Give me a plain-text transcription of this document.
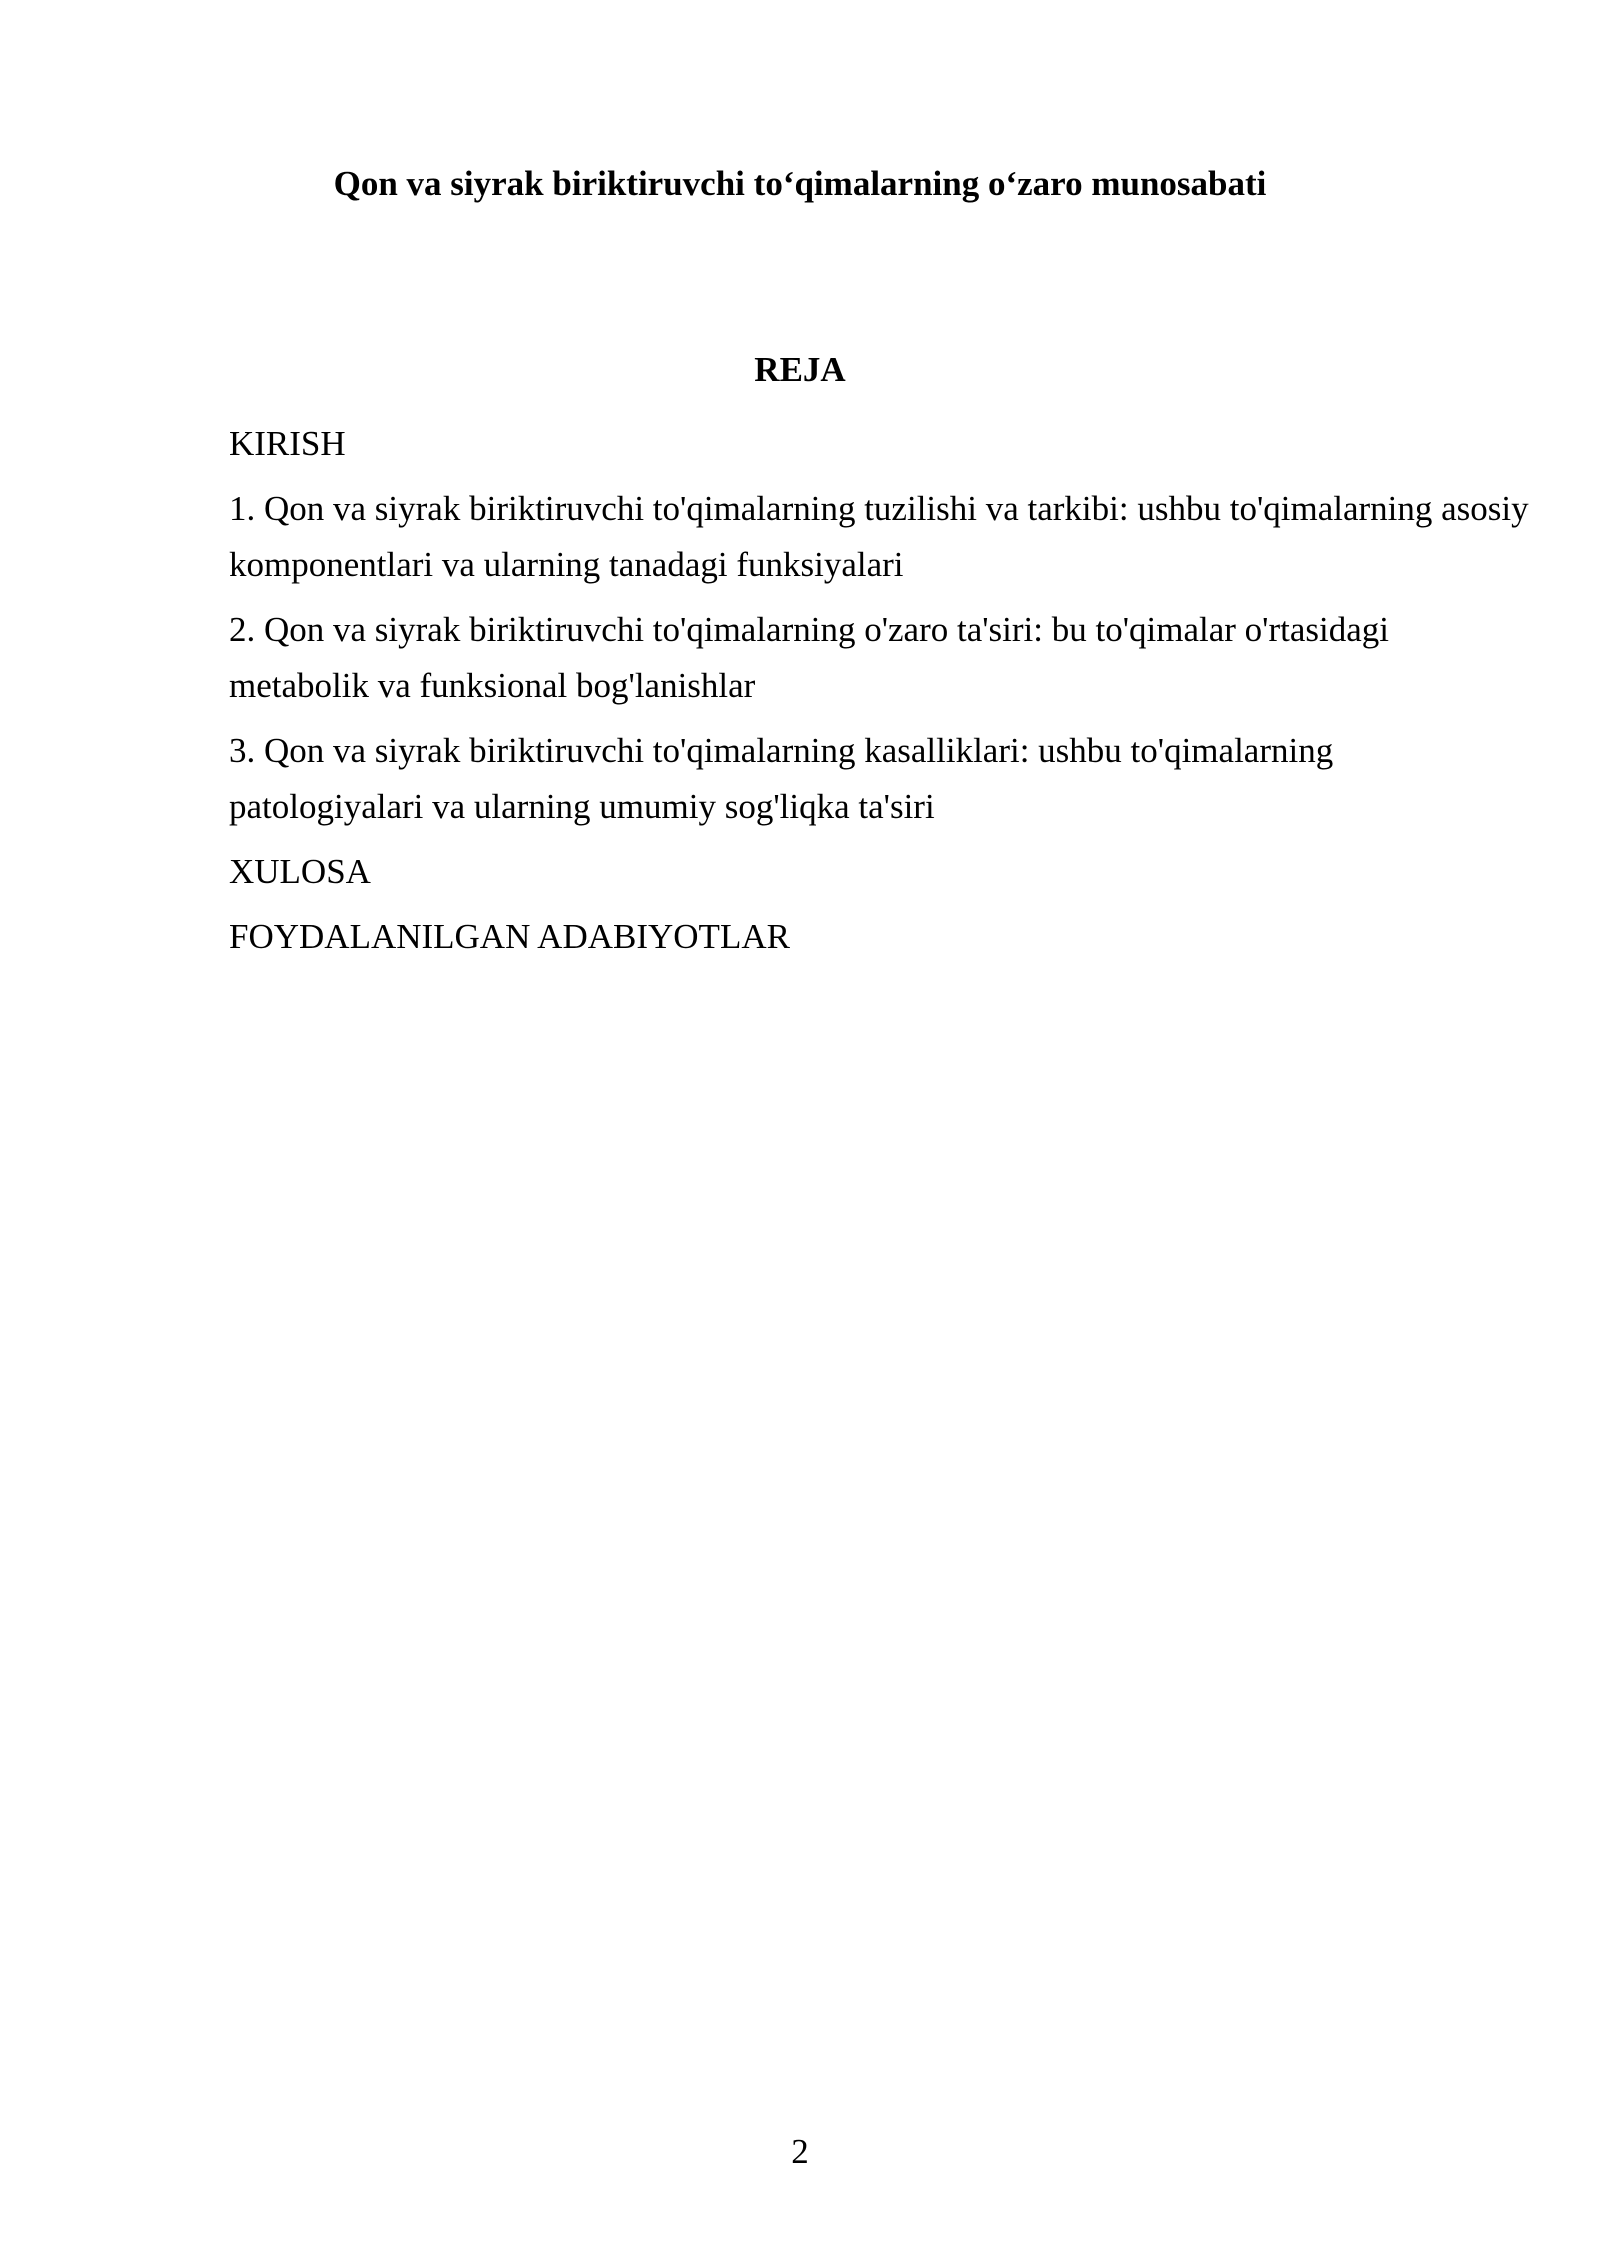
Qon va siyrak biriktiruvchi to‘qimalarning o‘zaro munosabati
REJA
KIRISH
1. Qon va siyrak biriktiruvchi to'qimalarning tuzilishi va tarkibi: ushbu to'qimalarning asosiy komponentlari va ularning tanadagi funksiyalari
2. Qon va siyrak biriktiruvchi to'qimalarning o'zaro ta'siri: bu to'qimalar o'rtasidagi metabolik va funksional bog'lanishlar
3. Qon va siyrak biriktiruvchi to'qimalarning kasalliklari: ushbu to'qimalarning patologiyalari va ularning umumiy sog'liqka ta'siri
XULOSA
FOYDALANILGAN ADABIYOTLAR
2
